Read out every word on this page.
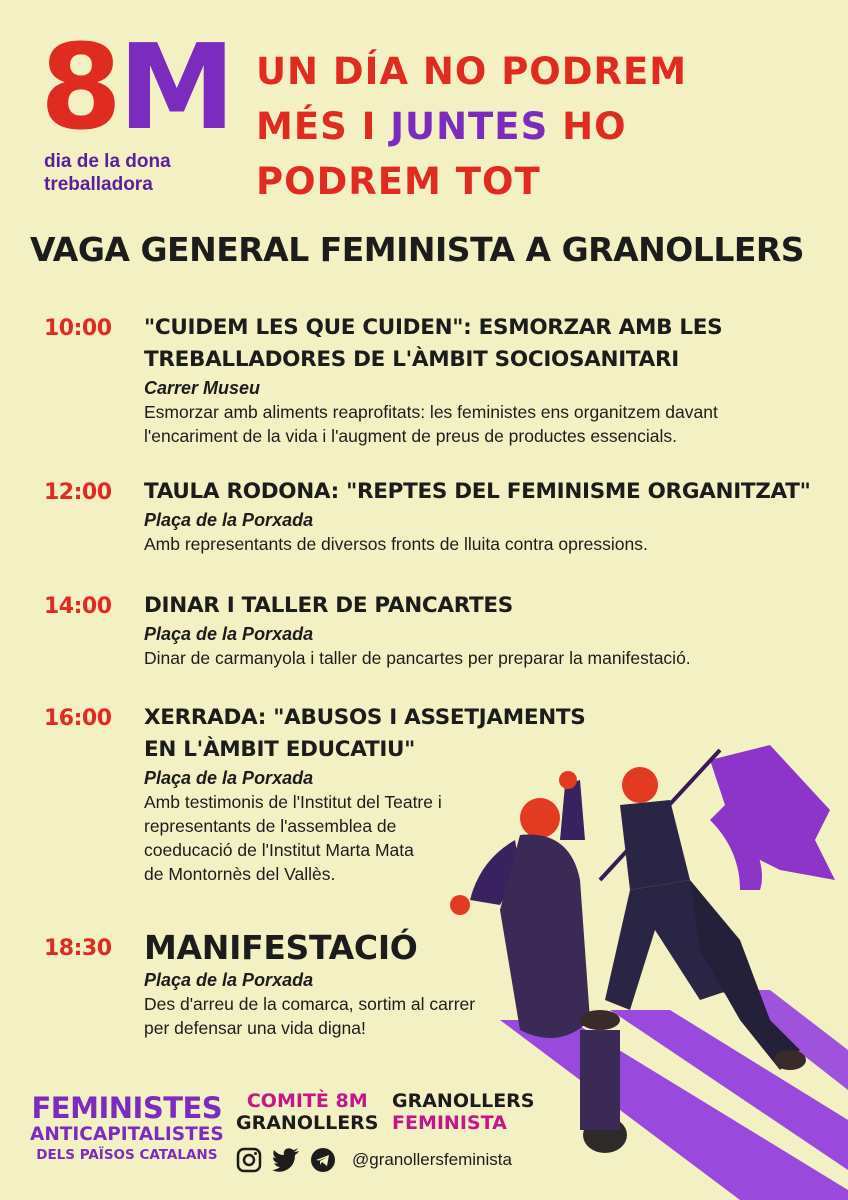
8M
dia de la dona
treballadora
UN DÍA NO PODREM
MÉS I JUNTES HO
PODREM TOT
VAGA GENERAL FEMINISTA A GRANOLLERS
10:00	"CUIDEM LES QUE CUIDEN": ESMORZAR AMB LES
TREBALLADORES DE L'ÀMBIT SOCIOSANITARI
Carrer Museu
Esmorzar amb aliments reaprofitats: les feministes ens organitzem davant
l'encariment de la vida i l'augment de preus de productes essencials.
12:00	TAULA RODONA: "REPTES DEL FEMINISME ORGANITZAT"
Plaça de la Porxada
Amb representants de diversos fronts de lluita contra opressions.
14:00	DINAR I TALLER DE PANCARTES
Plaça de la Porxada
Dinar de carmanyola i taller de pancartes per preparar la manifestació.
16:00	XERRADA: "ABUSOS I ASSETJAMENTS
EN L'ÀMBIT EDUCATIU"
Plaça de la Porxada
Amb testimonis de l'Institut del Teatre i
representants de l'assemblea de
coeducació de l'Institut Marta Mata
de Montornès del Vallès.
18:30 MANIFESTACIÓ
Plaça de la Porxada
Des d'arreu de la comarca, sortim al carrer
per defensar una vida digna!
FEMINISTES
ANTICAPITALISTES
DELS PAÏSOS CATALANS
COMITÈ 8M
GRANOLLERS
GRANOLLERS
FEMINISTA
@granollersfeminista
